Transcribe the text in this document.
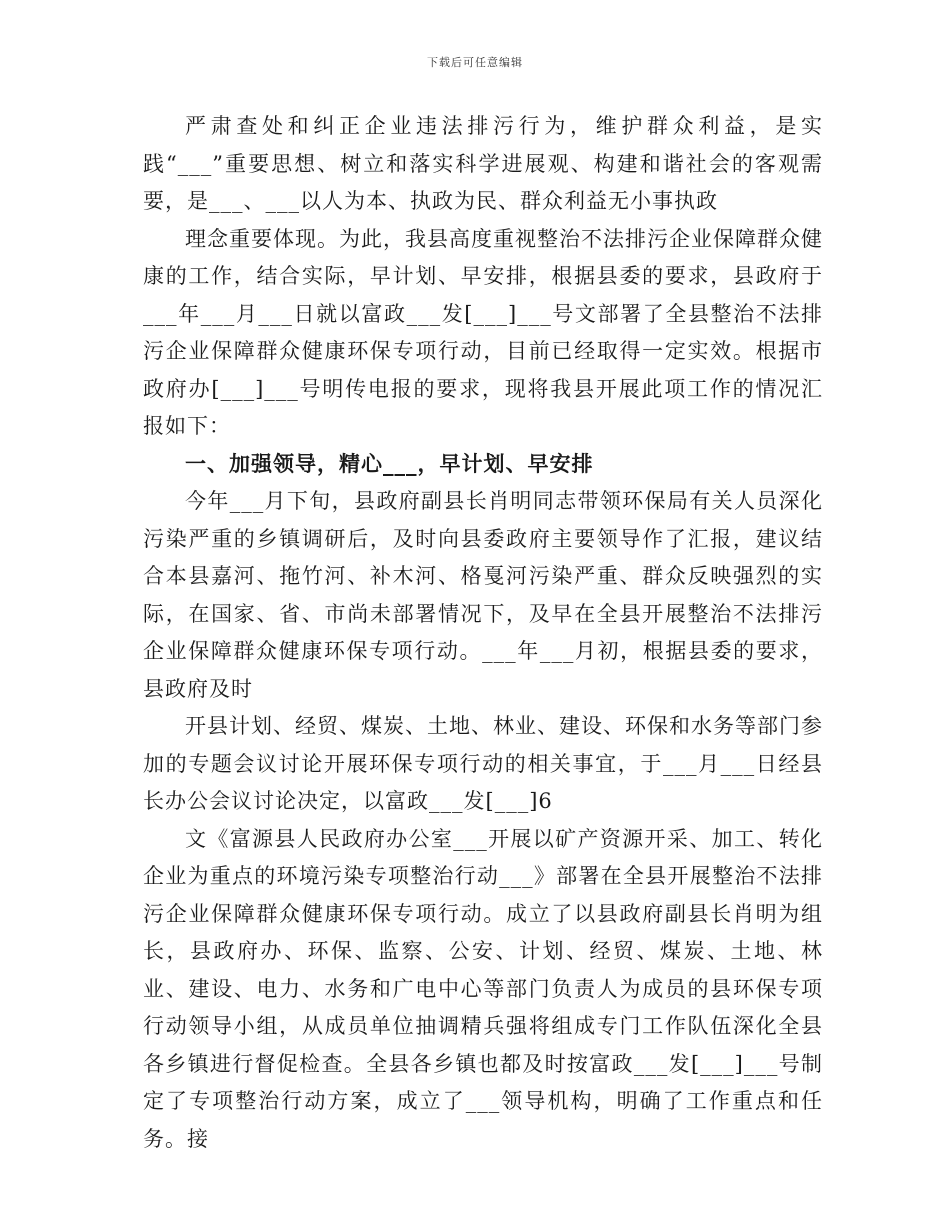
下载后可任意编辑

严肃查处和纠正企业违法排污行为，维护群众利益，是实践“___”重要思想、树立和落实科学进展观、构建和谐社会的客观需要，是___、___以人为本、执政为民、群众利益无小事执政

理念重要体现。为此，我县高度重视整治不法排污企业保障群众健康的工作，结合实际，早计划、早安排，根据县委的要求，县政府于___年___月___日就以富政___发[___]___号文部署了全县整治不法排污企业保障群众健康环保专项行动，目前已经取得一定实效。根据市政府办[___]___号明传电报的要求，现将我县开展此项工作的情况汇报如下：

一、加强领导，精心___，早计划、早安排

今年___月下旬，县政府副县长肖明同志带领环保局有关人员深化污染严重的乡镇调研后，及时向县委政府主要领导作了汇报，建议结合本县嘉河、拖竹河、补木河、格戛河污染严重、群众反映强烈的实际，在国家、省、市尚未部署情况下，及早在全县开展整治不法排污企业保障群众健康环保专项行动。___年___月初，根据县委的要求，县政府及时

开县计划、经贸、煤炭、土地、林业、建设、环保和水务等部门参加的专题会议讨论开展环保专项行动的相关事宜，于___月___日经县长办公会议讨论决定，以富政___发[___]6

文《富源县人民政府办公室___开展以矿产资源开采、加工、转化企业为重点的环境污染专项整治行动___》部署在全县开展整治不法排污企业保障群众健康环保专项行动。成立了以县政府副县长肖明为组长，县政府办、环保、监察、公安、计划、经贸、煤炭、土地、林业、建设、电力、水务和广电中心等部门负责人为成员的县环保专项行动领导小组，从成员单位抽调精兵强将组成专门工作队伍深化全县各乡镇进行督促检查。全县各乡镇也都及时按富政___发[___]___号制定了专项整治行动方案，成立了___领导机构，明确了工作重点和任务。接
